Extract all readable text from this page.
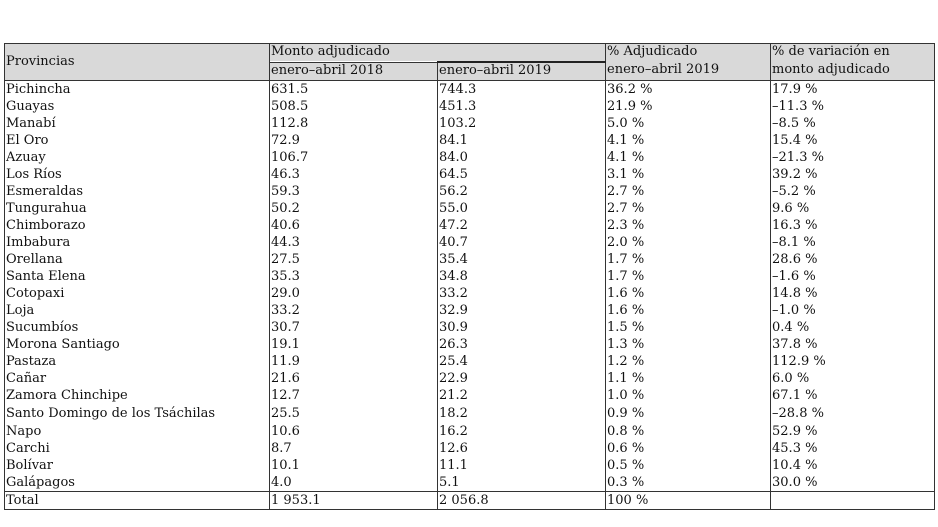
Provincias	Monto adjudicado		% Adjudicado	% de variación en
	enero–abril 2018	enero–abril 2019	enero–abril 2019	monto adjudicado
Pichincha	631.5	744.3	36.2 %	17.9 %
Guayas	508.5	451.3	21.9 %	–11.3 %
Manabí	112.8	103.2	5.0 %	–8.5 %
El Oro	72.9	84.1	4.1 %	15.4 %
Azuay	106.7	84.0	4.1 %	–21.3 %
Los Ríos	46.3	64.5	3.1 %	39.2 %
Esmeraldas	59.3	56.2	2.7 %	–5.2 %
Tungurahua	50.2	55.0	2.7 %	9.6 %
Chimborazo	40.6	47.2	2.3 %	16.3 %
Imbabura	44.3	40.7	2.0 %	–8.1 %
Orellana	27.5	35.4	1.7 %	28.6 %
Santa Elena	35.3	34.8	1.7 %	–1.6 %
Cotopaxi	29.0	33.2	1.6 %	14.8 %
Loja	33.2	32.9	1.6 %	–1.0 %
Sucumbíos	30.7	30.9	1.5 %	0.4 %
Morona Santiago	19.1	26.3	1.3 %	37.8 %
Pastaza	11.9	25.4	1.2 %	112.9 %
Cañar	21.6	22.9	1.1 %	6.0 %
Zamora Chinchipe	12.7	21.2	1.0 %	67.1 %
Santo Domingo de los Tsáchilas	25.5	18.2	0.9 %	–28.8 %
Napo	10.6	16.2	0.8 %	52.9 %
Carchi	8.7	12.6	0.6 %	45.3 %
Bolívar	10.1	11.1	0.5 %	10.4 %
Galápagos	4.0	5.1	0.3 %	30.0 %
Total	1 953.1	2 056.8	100 %	
